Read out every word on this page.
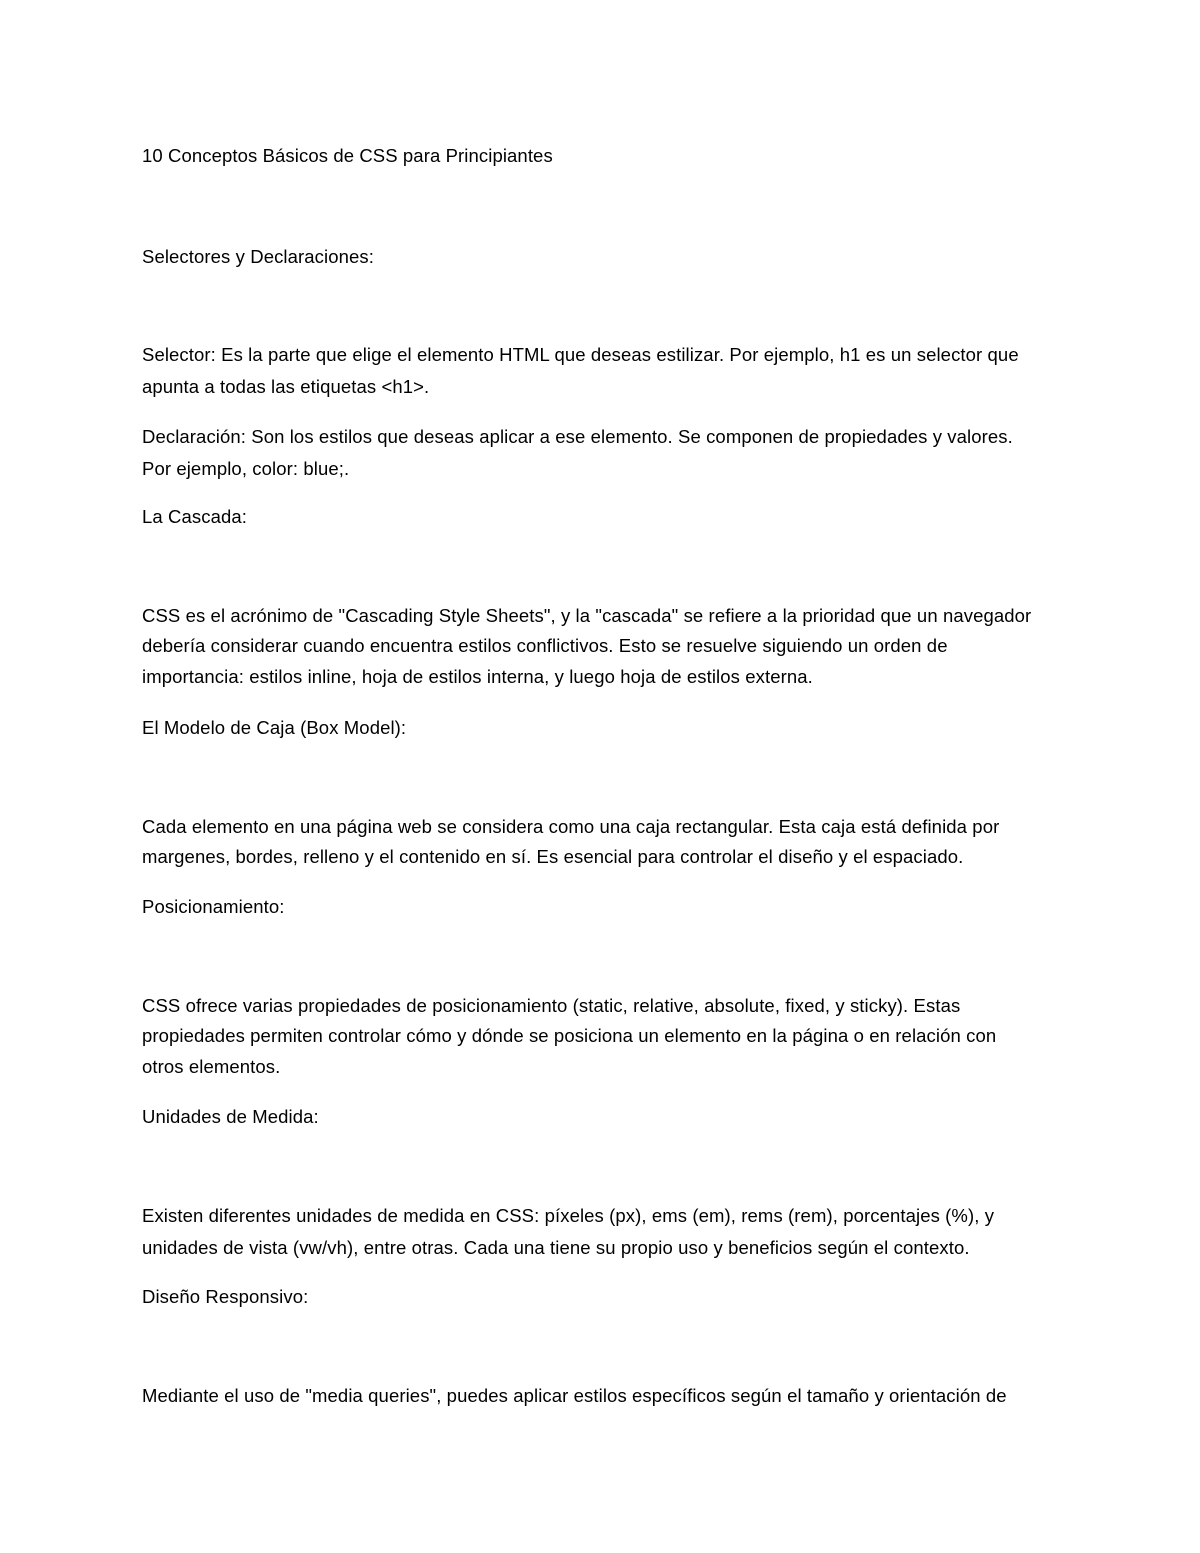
10 Conceptos Básicos de CSS para Principiantes
Selectores y Declaraciones:
Selector: Es la parte que elige el elemento HTML que deseas estilizar. Por ejemplo, h1 es un selector que
apunta a todas las etiquetas <h1>.
Declaración: Son los estilos que deseas aplicar a ese elemento. Se componen de propiedades y valores.
Por ejemplo, color: blue;.
La Cascada:
CSS es el acrónimo de "Cascading Style Sheets", y la "cascada" se refiere a la prioridad que un navegador
debería considerar cuando encuentra estilos conflictivos. Esto se resuelve siguiendo un orden de
importancia: estilos inline, hoja de estilos interna, y luego hoja de estilos externa.
El Modelo de Caja (Box Model):
Cada elemento en una página web se considera como una caja rectangular. Esta caja está definida por
margenes, bordes, relleno y el contenido en sí. Es esencial para controlar el diseño y el espaciado.
Posicionamiento:
CSS ofrece varias propiedades de posicionamiento (static, relative, absolute, fixed, y sticky). Estas
propiedades permiten controlar cómo y dónde se posiciona un elemento en la página o en relación con
otros elementos.
Unidades de Medida:
Existen diferentes unidades de medida en CSS: píxeles (px), ems (em), rems (rem), porcentajes (%), y
unidades de vista (vw/vh), entre otras. Cada una tiene su propio uso y beneficios según el contexto.
Diseño Responsivo:
Mediante el uso de "media queries", puedes aplicar estilos específicos según el tamaño y orientación de
